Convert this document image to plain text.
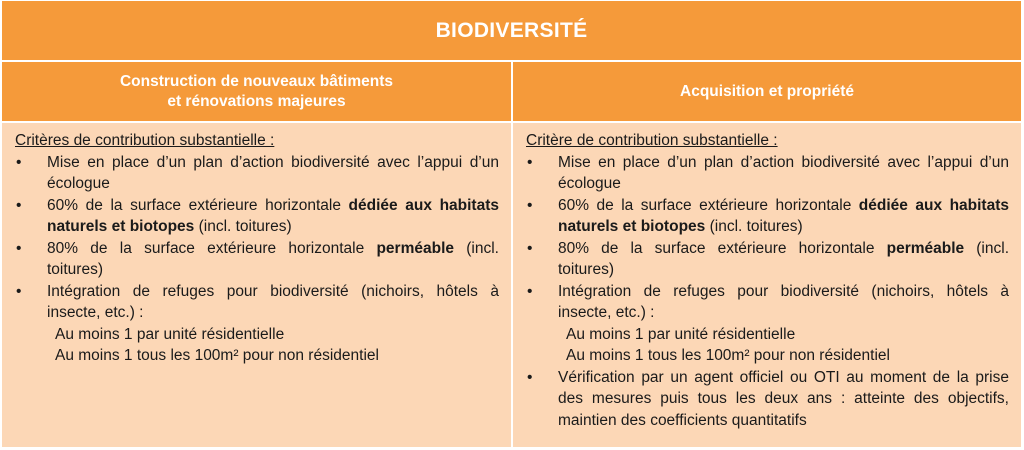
BIODIVERSITÉ
Construction de nouveaux bâtiments
et rénovations majeures
Acquisition et propriété
Critères de contribution substantielle :
• Mise en place d’un plan d’action biodiversité avec l’appui d’un écologue
• 60% de la surface extérieure horizontale dédiée aux habitats naturels et biotopes (incl. toitures)
• 80% de la surface extérieure horizontale perméable (incl. toitures)
• Intégration de refuges pour biodiversité (nichoirs, hôtels à insecte, etc.) :
Au moins 1 par unité résidentielle
Au moins 1 tous les 100m² pour non résidentiel
Critère de contribution substantielle :
• Mise en place d’un plan d’action biodiversité avec l’appui d’un écologue
• 60% de la surface extérieure horizontale dédiée aux habitats naturels et biotopes (incl. toitures)
• 80% de la surface extérieure horizontale perméable (incl. toitures)
• Intégration de refuges pour biodiversité (nichoirs, hôtels à insecte, etc.) :
Au moins 1 par unité résidentielle
Au moins 1 tous les 100m² pour non résidentiel
• Vérification par un agent officiel ou OTI au moment de la prise des mesures puis tous les deux ans : atteinte des objectifs, maintien des coefficients quantitatifs
